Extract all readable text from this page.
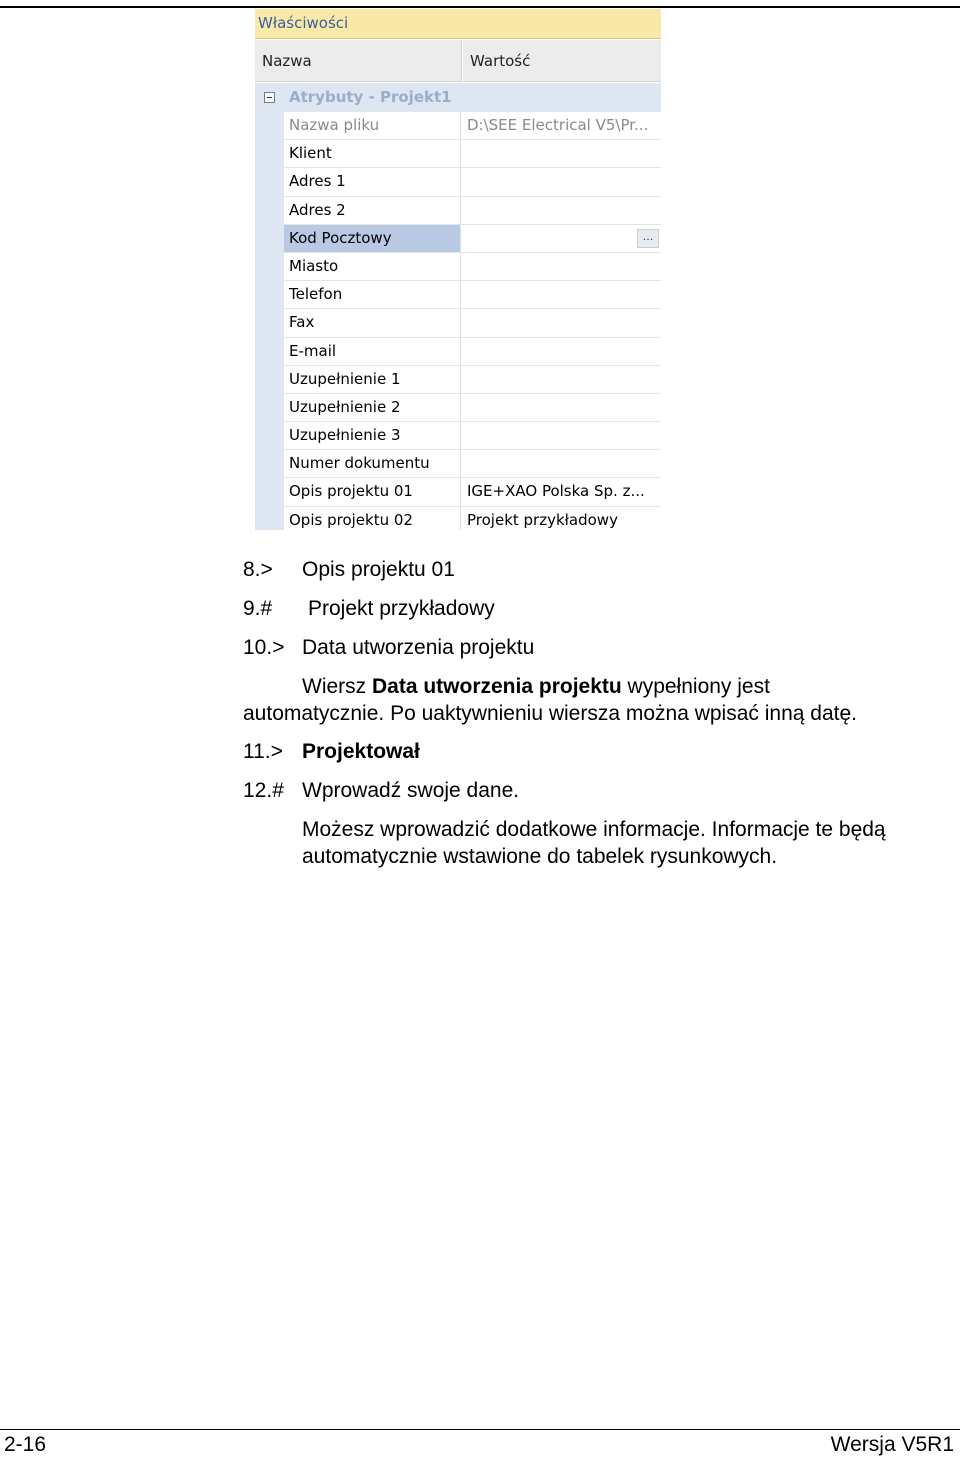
Właściwości
Nazwa	Wartość
Atrybuty - Projekt1
Nazwa pliku	D:\SEE Electrical V5\Pr...
Klient
Adres 1
Adres 2
Kod Pocztowy	...
Miasto
Telefon
Fax
E-mail
Uzupełnienie 1
Uzupełnienie 2
Uzupełnienie 3
Numer dokumentu
Opis projektu 01	IGE+XAO Polska Sp. z...
Opis projektu 02	Projekt przykładowy
8.> Opis projektu 01
9.# Projekt przykładowy
10.> Data utworzenia projektu
Wiersz Data utworzenia projektu wypełniony jest
automatycznie. Po uaktywnieniu wiersza można wpisać inną datę.
11.> Projektował
12.# Wprowadź swoje dane.
Możesz wprowadzić dodatkowe informacje. Informacje te będą
automatycznie wstawione do tabelek rysunkowych.
2-16	Wersja V5R1
